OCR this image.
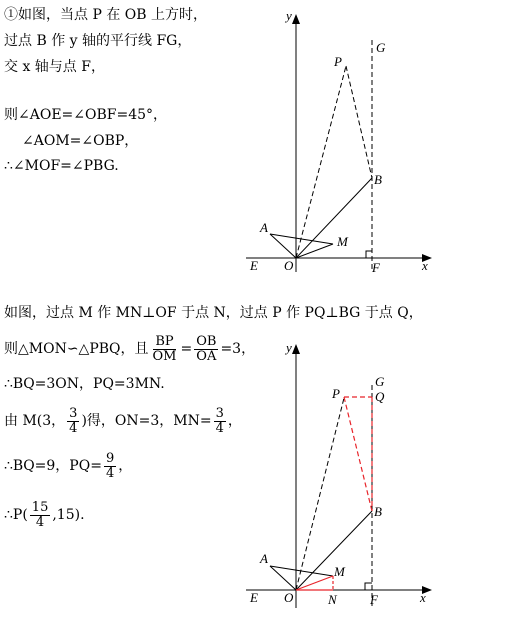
①如图，当点 P 在 OB 上方时，
过点 B 作 y 轴的平行线 FG，
交 x 轴与点 F，
则∠AOE=∠OBF=45°，
∠AOM=∠OBP，
∴∠MOF=∠PBG.
y
G
P
B
A
M
E O	F	x
如图，过点 M 作 MN⊥OF 于点 N，过点 P 作 PQ⊥BG 于点 Q，
则△MON∽△PBQ，且 $\frac{BP}{OM} = \frac{OB}{OA} =3$，
∴BQ=3ON，PQ=3MN.
由 M(3， $\frac{3}{4}$ )得，ON=3，$MN= \frac{3}{4}$ ，
∴BQ=9，$PQ= \frac{9}{4}$ ，
∴P( $\frac{15}{4} ,15$).
y
G
Q
P
B
A
M
E O	N	F	x
